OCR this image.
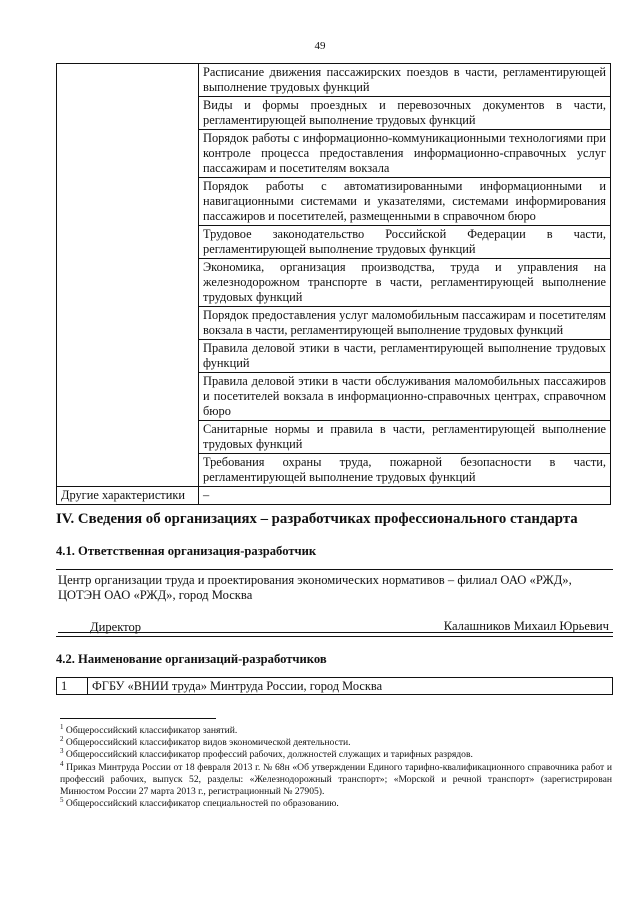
49
	Расписание движения пассажирских поездов в части, регламентирующей выполнение трудовых функций
	Виды и формы проездных и перевозочных документов в части, регламентирующей выполнение трудовых функций
	Порядок работы с информационно-коммуникационными технологиями при контроле процесса предоставления информационно-справочных услуг пассажирам и посетителям вокзала
	Порядок работы с автоматизированными информационными и навигационными системами и указателями, системами информирования пассажиров и посетителей, размещенными в справочном бюро
	Трудовое законодательство Российской Федерации в части, регламентирующей выполнение трудовых функций
	Экономика, организация производства, труда и управления на железнодорожном транспорте в части, регламентирующей выполнение трудовых функций
	Порядок предоставления услуг маломобильным пассажирам и посетителям вокзала в части, регламентирующей выполнение трудовых функций
	Правила деловой этики в части, регламентирующей выполнение трудовых функций
	Правила деловой этики в части обслуживания маломобильных пассажиров и посетителей вокзала в информационно-справочных центрах, справочном бюро
	Санитарные нормы и правила в части, регламентирующей выполнение трудовых функций
	Требования охраны труда, пожарной безопасности в части, регламентирующей выполнение трудовых функций
Другие характеристики	–
IV. Сведения об организациях – разработчиках профессионального стандарта
4.1. Ответственная организация-разработчик
Центр организации труда и проектирования экономических нормативов – филиал ОАО «РЖД», ЦОТЭН ОАО «РЖД», город Москва
Директор	Калашников Михаил Юрьевич
4.2. Наименование организаций-разработчиков
1	ФГБУ «ВНИИ труда» Минтруда России, город Москва
$^1$ Общероссийский классификатор занятий.
$^2$ Общероссийский классификатор видов экономической деятельности.
$^3$ Общероссийский классификатор профессий рабочих, должностей служащих и тарифных разрядов.
$^4$ Приказ Минтруда России от 18 февраля 2013 г. № 68н «Об утверждении Единого тарифно-квалификационного справочника работ и профессий рабочих, выпуск 52, разделы: «Железнодорожный транспорт»; «Морской и речной транспорт» (зарегистрирован Минюстом России 27 марта 2013 г., регистрационный № 27905).
$^5$ Общероссийский классификатор специальностей по образованию.
